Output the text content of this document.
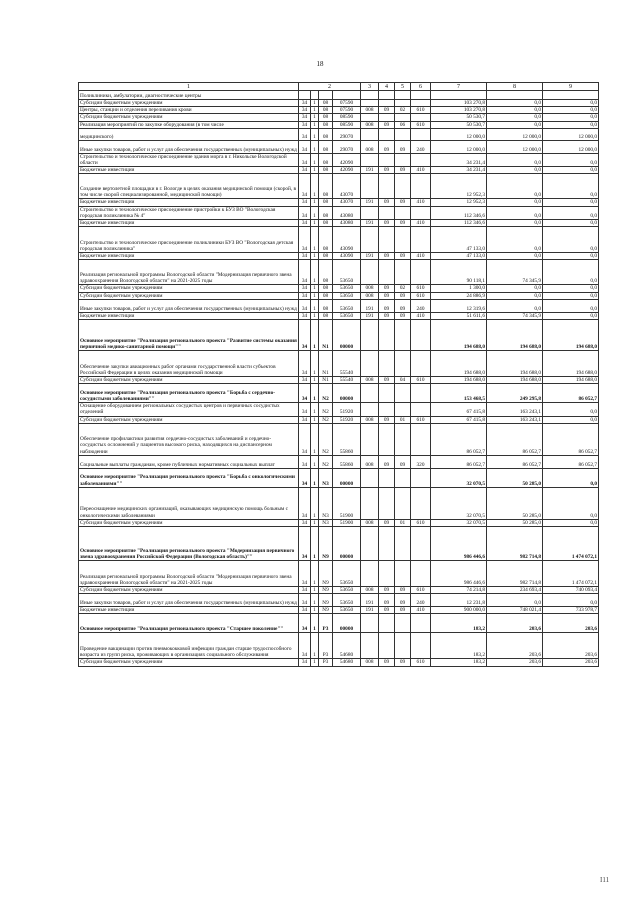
18
1	2				3	4	5	6	7	8	9
Поликлиники, амбулатории, диагностические центры											
Субсидии бюджетным учреждениям	34	1	08	07590					103 270,8	0,0	0,0
Центры, станции и отделения переливания крови	34	1	08	07590	008	09	02	610	103 270,8	0,0	0,0
Субсидии бюджетным учреждениям	34	1	08	08590					50 530,7	0,0	0,0
Реализация мероприятий по закупке оборудования (в том числе	34	1	08	08590	008	09	06	610	50 530,7	0,0	0,0
медицинского)	34	1	08	29070					12 000,0	12 000,0	12 000,0
Иные закупки товаров, работ и услуг для обеспечения государственных (муниципальных) нужд	34	1	08	29070	008	09	09	240	12 000,0	12 000,0	12 000,0
Строительство и технологическое присоединение здания морга в г. Никольске Вологодской области	34	1	08	42090					34 231,4	0,0	0,0
Бюджетные инвестиции	34	1	08	42090	191	09	09	410	34 231,4	0,0	0,0
Создание вертолетной площадки в г. Вологде в целях оказания медицинской помощи (скорой, в том числе скорой специализированной, медицинской помощи)	34	1	08	43070					12 952,3	0,0	0,0
Бюджетные инвестиции	34	1	08	43070	191	09	09	410	12 952,3	0,0	0,0
Строительство и технологическое присоединение пристройки к БУЗ ВО "Вологодская городская поликлиника № 4"	34	1	08	43080					112 346,6	0,0	0,0
Бюджетные инвестиции	34	1	08	43080	191	09	09	410	112 346,6	0,0	0,0
Строительство и технологическое присоединение поликлиники БУЗ ВО "Вологодская детская городская поликлиника"	34	1	08	43090					47 133,0	0,0	0,0
Бюджетные инвестиции	34	1	08	43090	191	09	09	410	47 133,0	0,0	0,0
Реализация региональной программы Вологодской области "Модернизация первичного звена здравоохранения Вологодской области" на 2021-2025 годы	34	1	08	53650					90 118,1	74 345,9	0,0
Субсидии бюджетным учреждениям	34	1	08	53650	008	09	02	610	1 300,0	0,0	0,0
Субсидии бюджетным учреждениям	34	1	08	53650	008	09	09	610	24 886,9	0,0	0,0
Иные закупки товаров, работ и услуг для обеспечения государственных (муниципальных) нужд	34	1	08	53650	191	09	09	240	12 319,6	0,0	0,0
Бюджетные инвестиции	34	1	08	53650	191	09	09	410	51 611,6	74 345,9	0,0
Основное мероприятие "Реализация регионального проекта "Развитие системы оказания первичной медико-санитарной помощи""	34	1	N1	00000					194 688,0	194 688,0	194 688,0
Обеспечение закупки авиационных работ органами государственной власти субъектов Российской Федерации в целях оказания медицинской помощи	34	1	N1	55540					194 688,0	194 688,0	194 688,0
Субсидии бюджетным учреждениям	34	1	N1	55540	008	09	04	610	194 688,0	194 688,0	194 688,0
Основное мероприятие "Реализация регионального проекта "Борьба с сердечно-сосудистыми заболеваниями""	34	1	N2	00000					153 468,5	249 295,8	86 052,7
Оснащение оборудованием региональных сосудистых центров и первичных сосудистых отделений	34	1	N2	51920					67 415,8	163 243,1	0,0
Субсидии бюджетным учреждениям	34	1	N2	51920	008	09	01	610	67 415,8	163 243,1	0,0
Обеспечение профилактики развития сердечно-сосудистых заболеваний и сердечно-сосудистых осложнений у пациентов высокого риска, находящихся на диспансерном наблюдении	34	1	N2	55860					86 052,7	86 052,7	86 052,7
Социальные выплаты гражданам, кроме публичных нормативных социальных выплат	34	1	N2	55860	008	09	09	320	86 052,7	86 052,7	86 052,7
Основное мероприятие "Реализация регионального проекта "Борьба с онкологическими заболеваниями""	34	1	N3	00000					32 070,5	50 285,0	0,0
Переоснащение медицинских организаций, оказывающих медицинскую помощь больным с онкологическими заболеваниями	34	1	N3	51900					32 070,5	50 285,0	0,0
Субсидии бюджетным учреждениям	34	1	N3	51900	008	09	01	610	32 070,5	50 285,0	0,0
Основное мероприятие "Реализация регионального проекта "Модернизация первичного звена здравоохранения Российской Федерации (Вологодская область)""	34	1	N9	00000					986 446,6	982 714,8	1 474 072,1
Реализация региональной программы Вологодской области "Модернизация первичного звена здравоохранения Вологодской области" на 2021-2025 годы	34	1	N9	53650					986 446,6	982 714,8	1 474 072,1
Субсидии бюджетным учреждениям	34	1	N9	53650	008	09	09	610	74 214,8	234 693,4	740 093,4
Иные закупки товаров, работ и услуг для обеспечения государственных (муниципальных) нужд	34	1	N9	53650	191	09	09	240	12 231,8	0,0	0,0
Бюджетные инвестиции	34	1	N9	53650	191	09	09	410	900 000,0	748 021,4	733 978,7
Основное мероприятие "Реализация регионального проекта "Старшее поколение""	34	1	P3	00000					183,2	203,6	203,6
Проведение вакцинации против пневмококковой инфекции граждан старше трудоспособного возраста из групп риска, проживающих в организациях социального обслуживания	34	1	P3	54680					183,2	203,6	203,6
Субсидии бюджетным учреждениям	34	1	P3	54680	008	09	09	610	183,2	203,6	203,6
I11
